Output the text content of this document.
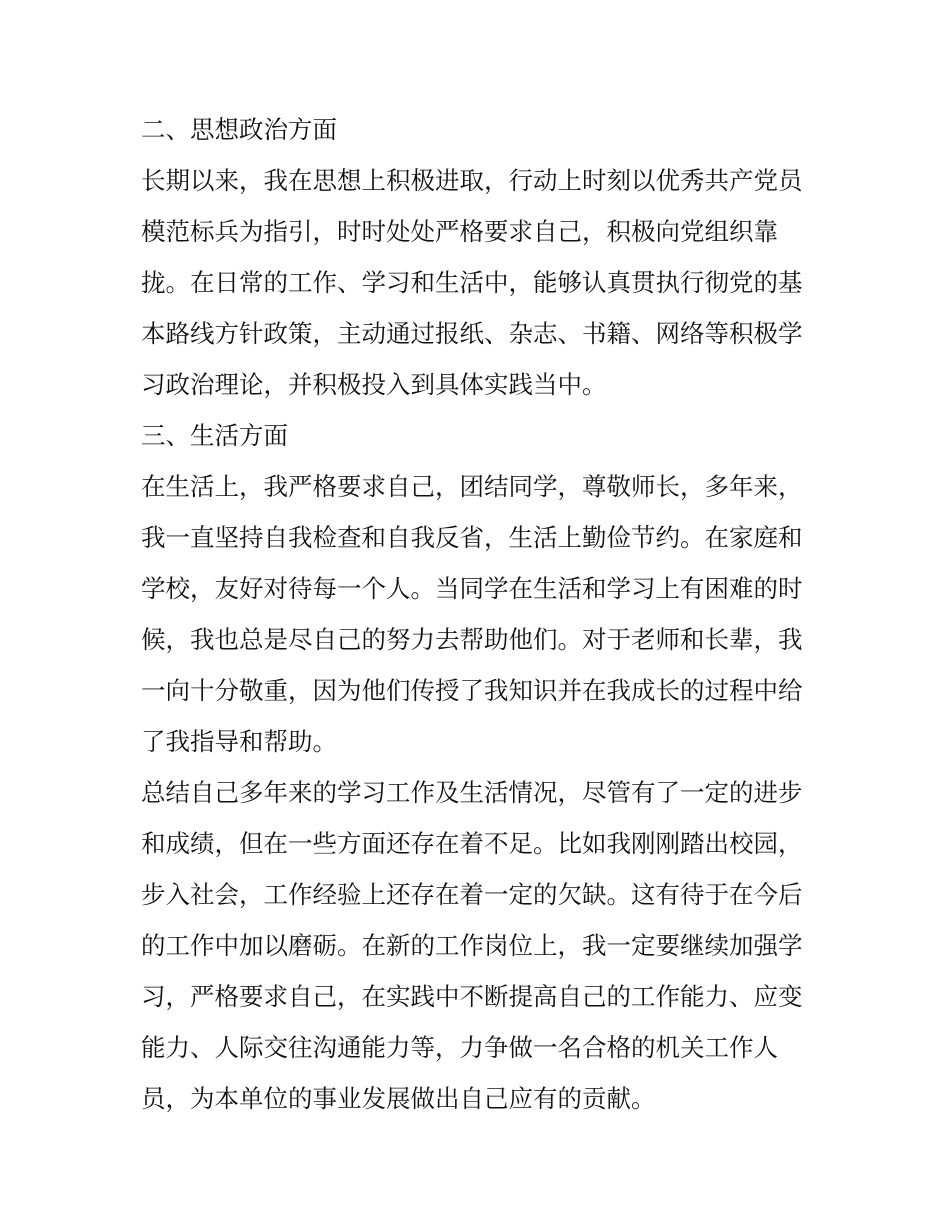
二、思想政治方面
长期以来，我在思想上积极进取，行动上时刻以优秀共产党员
模范标兵为指引，时时处处严格要求自己，积极向党组织靠
拢。在日常的工作、学习和生活中，能够认真贯执行彻党的基
本路线方针政策，主动通过报纸、杂志、书籍、网络等积极学
习政治理论，并积极投入到具体实践当中。
三、生活方面
在生活上，我严格要求自己，团结同学，尊敬师长，多年来，
我一直坚持自我检查和自我反省，生活上勤俭节约。在家庭和
学校，友好对待每一个人。当同学在生活和学习上有困难的时
候，我也总是尽自己的努力去帮助他们。对于老师和长辈，我
一向十分敬重，因为他们传授了我知识并在我成长的过程中给
了我指导和帮助。
总结自己多年来的学习工作及生活情况，尽管有了一定的进步
和成绩，但在一些方面还存在着不足。比如我刚刚踏出校园，
步入社会，工作经验上还存在着一定的欠缺。这有待于在今后
的工作中加以磨砺。在新的工作岗位上，我一定要继续加强学
习，严格要求自己，在实践中不断提高自己的工作能力、应变
能力、人际交往沟通能力等，力争做一名合格的机关工作人
员，为本单位的事业发展做出自己应有的贡献。
